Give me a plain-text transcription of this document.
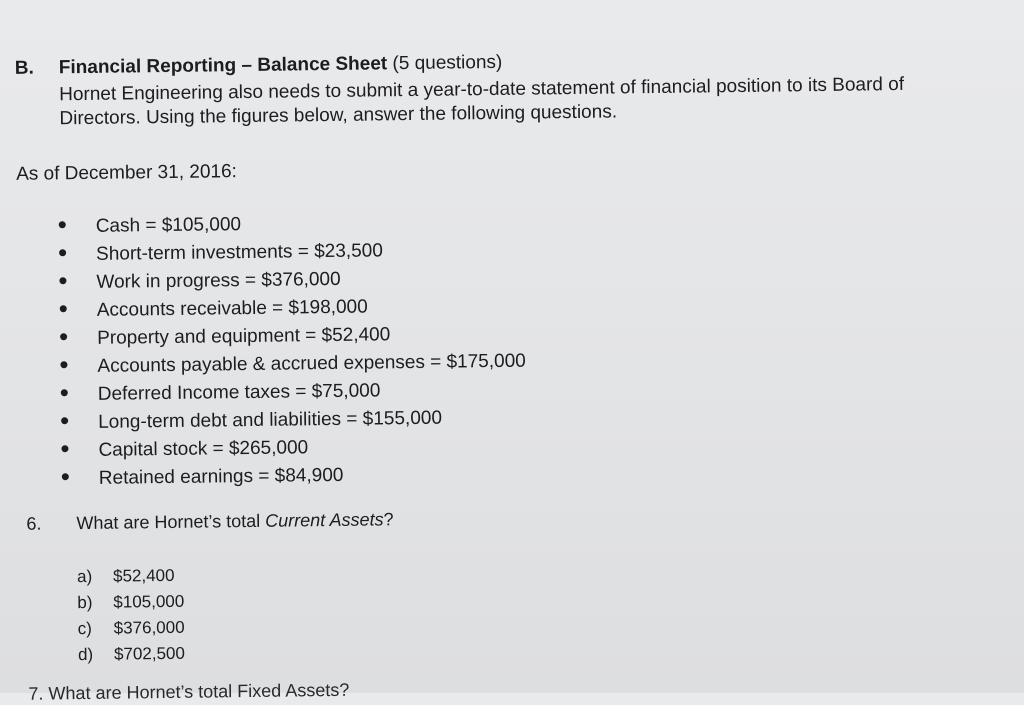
B. Financial Reporting – Balance Sheet (5 questions)
Hornet Engineering also needs to submit a year-to-date statement of financial position to its Board of Directors. Using the figures below, answer the following questions.
As of December 31, 2016:
Cash = $105,000
Short-term investments = $23,500
Work in progress = $376,000
Accounts receivable = $198,000
Property and equipment = $52,400
Accounts payable & accrued expenses = $175,000
Deferred Income taxes = $75,000
Long-term debt and liabilities = $155,000
Capital stock = $265,000
Retained earnings = $84,900
6. What are Hornet’s total Current Assets?
a) $52,400
b) $105,000
c) $376,000
d) $702,500
7. What are Hornet’s total Fixed Assets?
